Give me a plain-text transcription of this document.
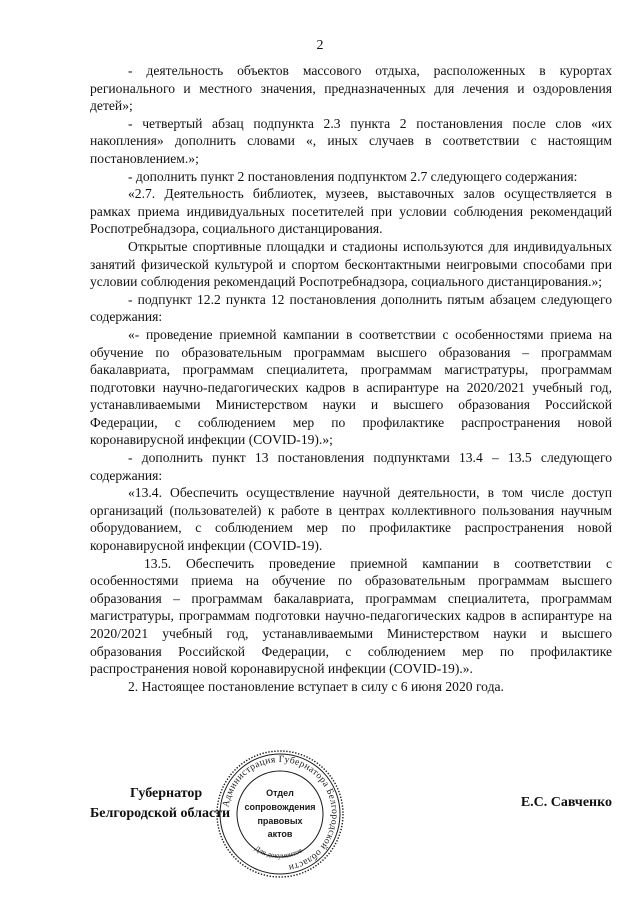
2

- деятельность объектов массового отдыха, расположенных в курортах регионального и местного значения, предназначенных для лечения и оздоровления детей»;

- четвертый абзац подпункта 2.3 пункта 2 постановления после слов «их накопления» дополнить словами «, иных случаев в соответствии с настоящим постановлением.»;

- дополнить пункт 2 постановления подпунктом 2.7 следующего содержания:

«2.7. Деятельность библиотек, музеев, выставочных залов осуществляется в рамках приема индивидуальных посетителей при условии соблюдения рекомендаций Роспотребнадзора, социального дистанцирования.

Открытые спортивные площадки и стадионы используются для индивидуальных занятий физической культурой и спортом бесконтактными неигровыми способами при условии соблюдения рекомендаций Роспотребнадзора, социального дистанцирования.»;

- подпункт 12.2 пункта 12 постановления дополнить пятым абзацем следующего содержания:

«- проведение приемной кампании в соответствии с особенностями приема на обучение по образовательным программам высшего образования – программам бакалавриата, программам специалитета, программам магистратуры, программам подготовки научно-педагогических кадров в аспирантуре на 2020/2021 учебный год, устанавливаемыми Министерством науки и высшего образования Российской Федерации, с соблюдением мер по профилактике распространения новой коронавирусной инфекции (COVID-19).»;

- дополнить пункт 13 постановления подпунктами 13.4 – 13.5 следующего содержания:

«13.4. Обеспечить осуществление научной деятельности, в том числе доступ организаций (пользователей) к работе в центрах коллективного пользования научным оборудованием, с соблюдением мер по профилактике распространения новой коронавирусной инфекции (COVID-19).

13.5. Обеспечить проведение приемной кампании в соответствии с особенностями приема на обучение по образовательным программам высшего образования – программам бакалавриата, программам специалитета, программам магистратуры, программам подготовки научно-педагогических кадров в аспирантуре на 2020/2021 учебный год, устанавливаемыми Министерством науки и высшего образования Российской Федерации, с соблюдением мер по профилактике распространения новой коронавирусной инфекции (COVID-19).».

2. Настоящее постановление вступает в силу с 6 июня 2020 года.

Губернатор
Белгородской области
Администрация Губернатора Белгородской области
Для документов
Отдел
сопровождения
правовых
актов
Е.С. Савченко
